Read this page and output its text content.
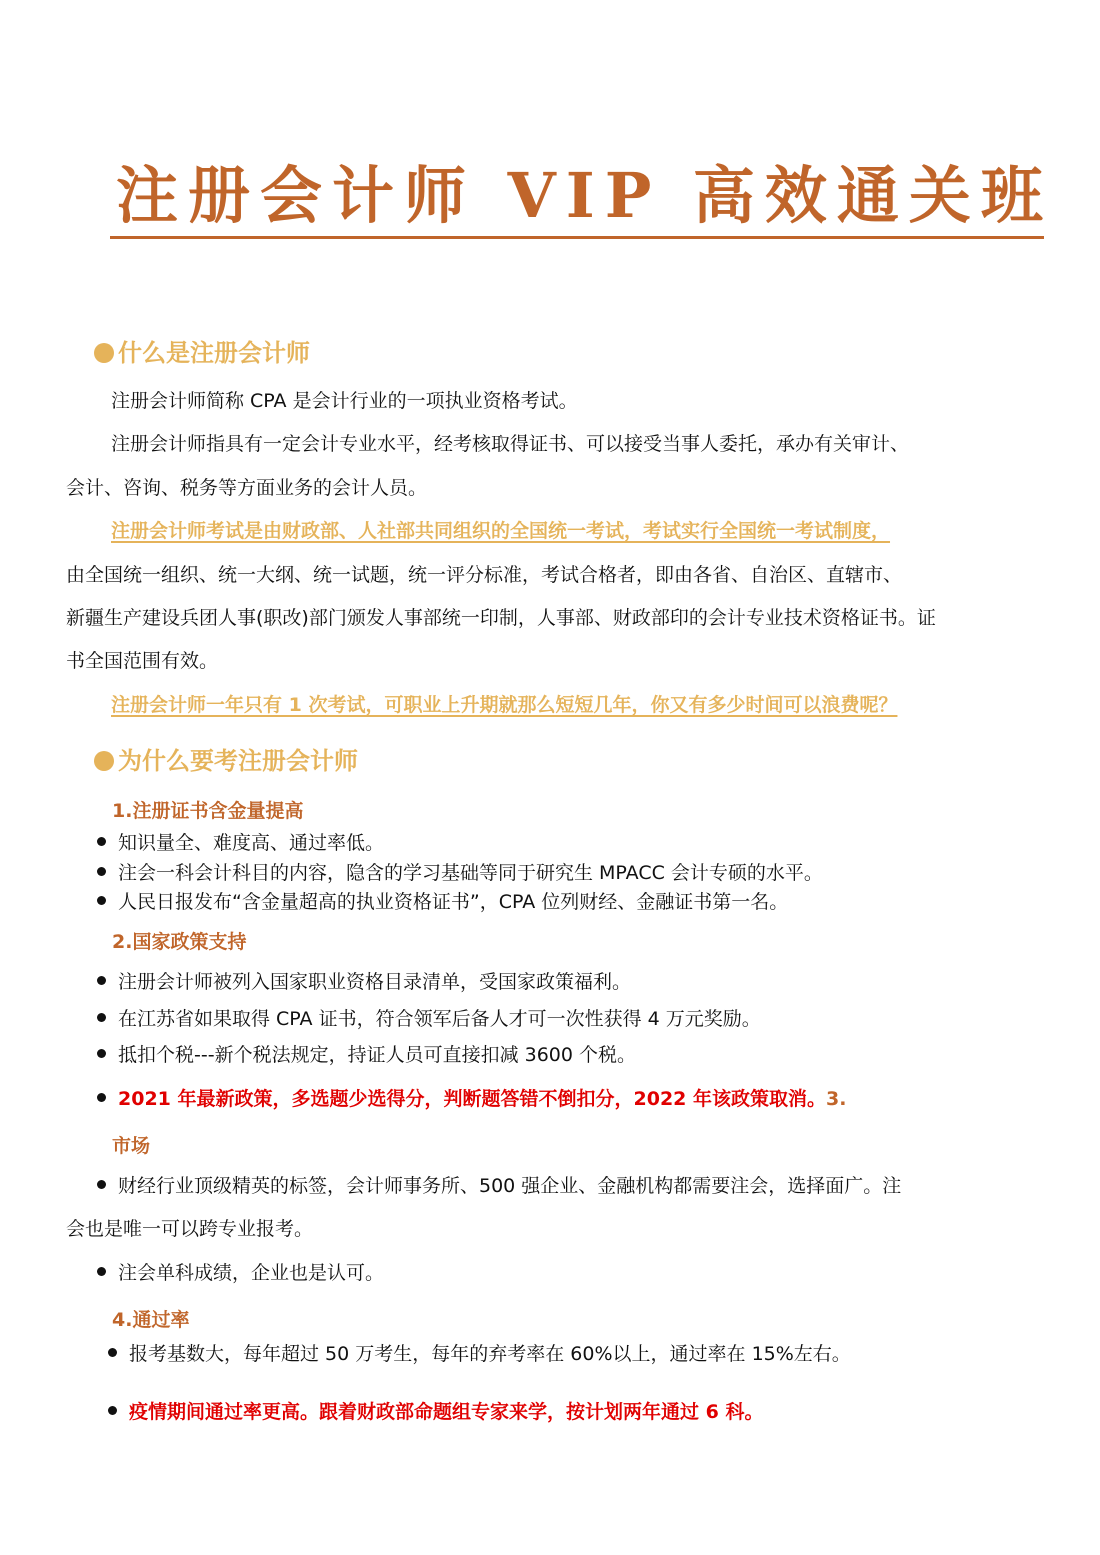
注册会计师 VIP 高效通关班
什么是注册会计师
注册会计师简称 CPA 是会计行业的一项执业资格考试。
注册会计师指具有一定会计专业水平，经考核取得证书、可以接受当事人委托，承办有关审计、
会计、咨询、税务等方面业务的会计人员。
注册会计师考试是由财政部、人社部共同组织的全国统一考试，考试实行全国统一考试制度，
由全国统一组织、统一大纲、统一试题，统一评分标准，考试合格者，即由各省、自治区、直辖市、
新疆生产建设兵团人事(职改)部门颁发人事部统一印制，人事部、财政部印的会计专业技术资格证书。证
书全国范围有效。
注册会计师一年只有 1 次考试，可职业上升期就那么短短几年，你又有多少时间可以浪费呢？
为什么要考注册会计师
1.注册证书含金量提高
知识量全、难度高、通过率低。
注会一科会计科目的内容，隐含的学习基础等同于研究生 MPACC 会计专硕的水平。
人民日报发布“含金量超高的执业资格证书”，CPA 位列财经、金融证书第一名。
2.国家政策支持
注册会计师被列入国家职业资格目录清单，受国家政策福利。
在江苏省如果取得 CPA 证书，符合领军后备人才可一次性获得 4 万元奖励。
抵扣个税---新个税法规定，持证人员可直接扣减 3600 个税。
2021 年最新政策，多选题少选得分，判断题答错不倒扣分，2022 年该政策取消。3.
市场
财经行业顶级精英的标签，会计师事务所、500 强企业、金融机构都需要注会，选择面广。注
会也是唯一可以跨专业报考。
注会单科成绩，企业也是认可。
4.通过率
报考基数大，每年超过 50 万考生，每年的弃考率在 60%以上，通过率在 15%左右。
疫情期间通过率更高。跟着财政部命题组专家来学，按计划两年通过 6 科。
